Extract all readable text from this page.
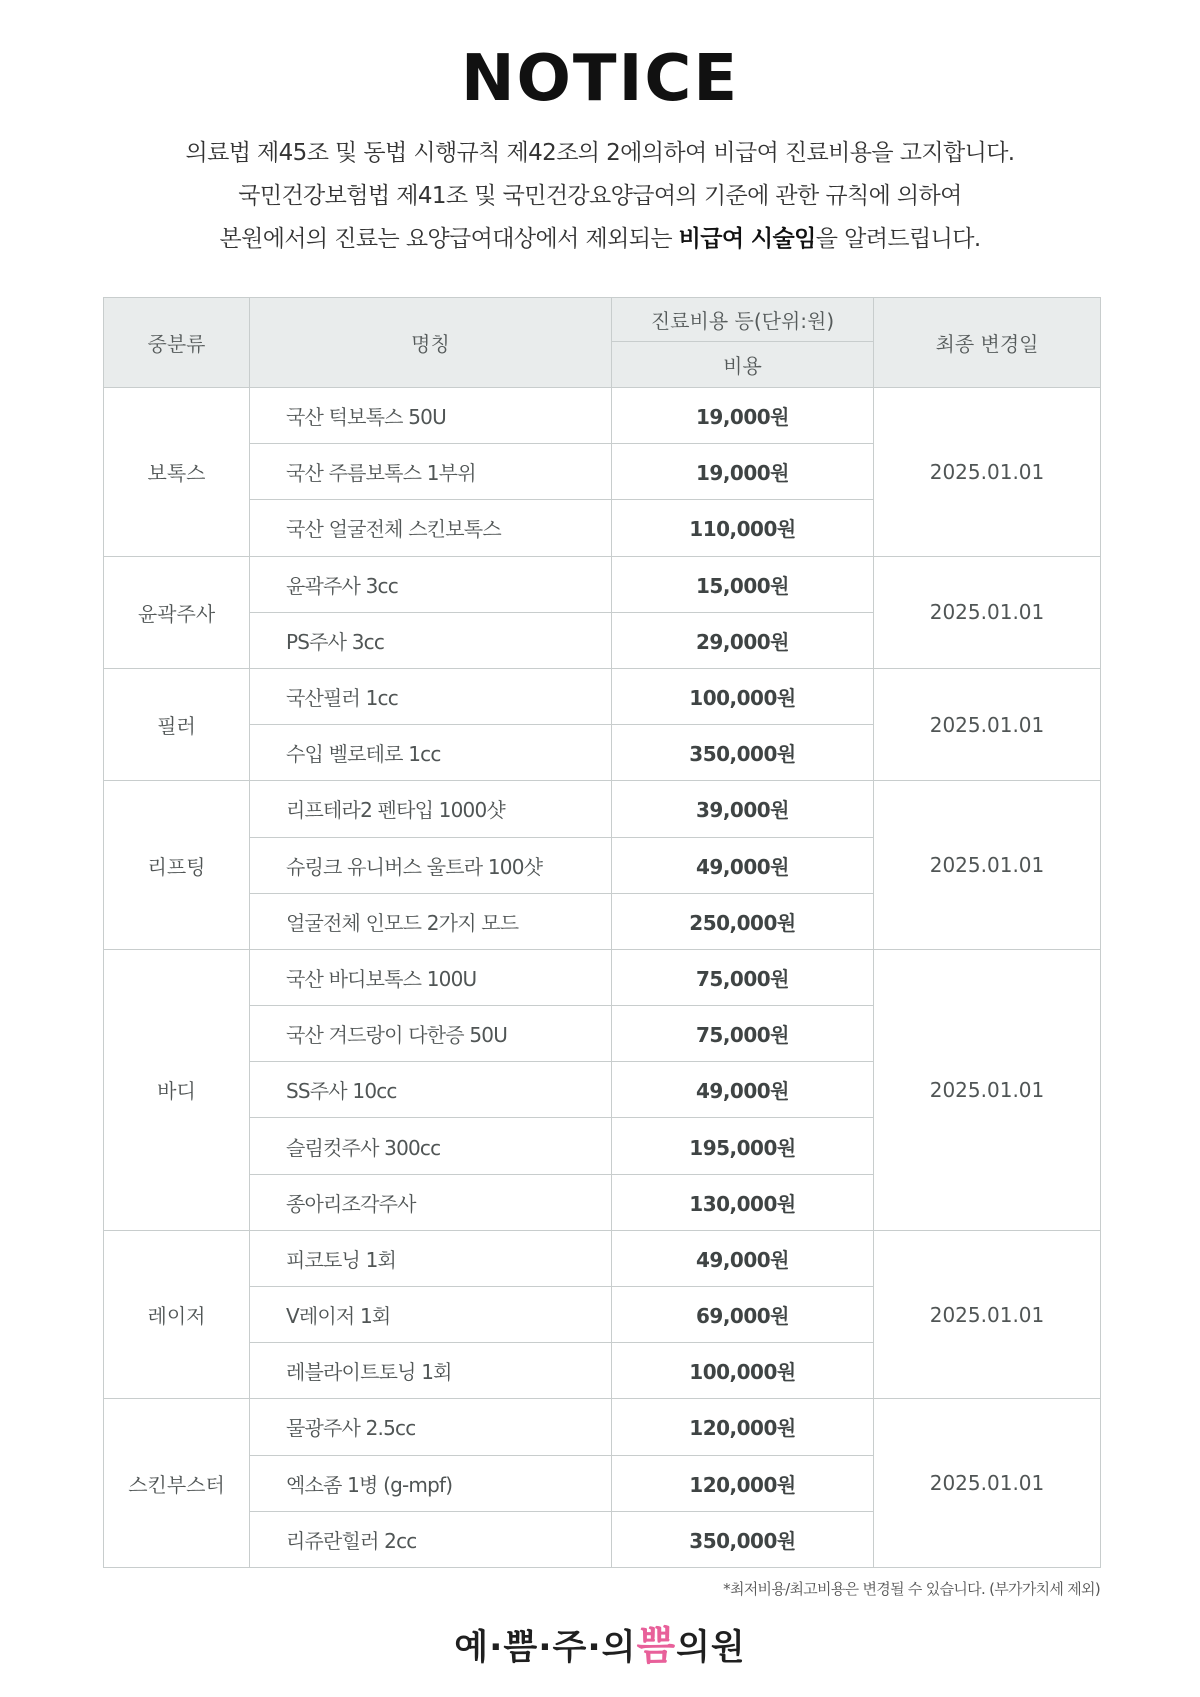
NOTICE

의료법 제45조 및 동법 시행규칙 제42조의 2에의하여 비급여 진료비용을 고지합니다.

국민건강보험법 제41조 및 국민건강요양급여의 기준에 관한 규칙에 의하여

본원에서의 진료는 요양급여대상에서 제외되는 비급여 시술임을 알려드립니다.

중분류	명칭	진료비용 등(단위:원)	최종 변경일
		비용	
보톡스	국산 턱보톡스 50U	19,000원	2025.01.01
	국산 주름보톡스 1부위	19,000원	
	국산 얼굴전체 스킨보톡스	110,000원	
윤곽주사	윤곽주사 3cc	15,000원	2025.01.01
	PS주사 3cc	29,000원	
필러	국산필러 1cc	100,000원	2025.01.01
	수입 벨로테로 1cc	350,000원	
리프팅	리프테라2 펜타입 1000샷	39,000원	2025.01.01
	슈링크 유니버스 울트라 100샷	49,000원	
	얼굴전체 인모드 2가지 모드	250,000원	
바디	국산 바디보톡스 100U	75,000원	2025.01.01
	국산 겨드랑이 다한증 50U	75,000원	
	SS주사 10cc	49,000원	
	슬림컷주사 300cc	195,000원	
	종아리조각주사	130,000원	
레이저	피코토닝 1회	49,000원	2025.01.01
	V레이저 1회	69,000원	
	레블라이트토닝 1회	100,000원	
스킨부스터	물광주사 2.5cc	120,000원	2025.01.01
	엑소좀 1병 (g-mpf)	120,000원	
	리쥬란힐러 2cc	350,000원	
*최저비용/최고비용은 변경될 수 있습니다. (부가가치세 제외)
예·쁨·주·의쁨의원
